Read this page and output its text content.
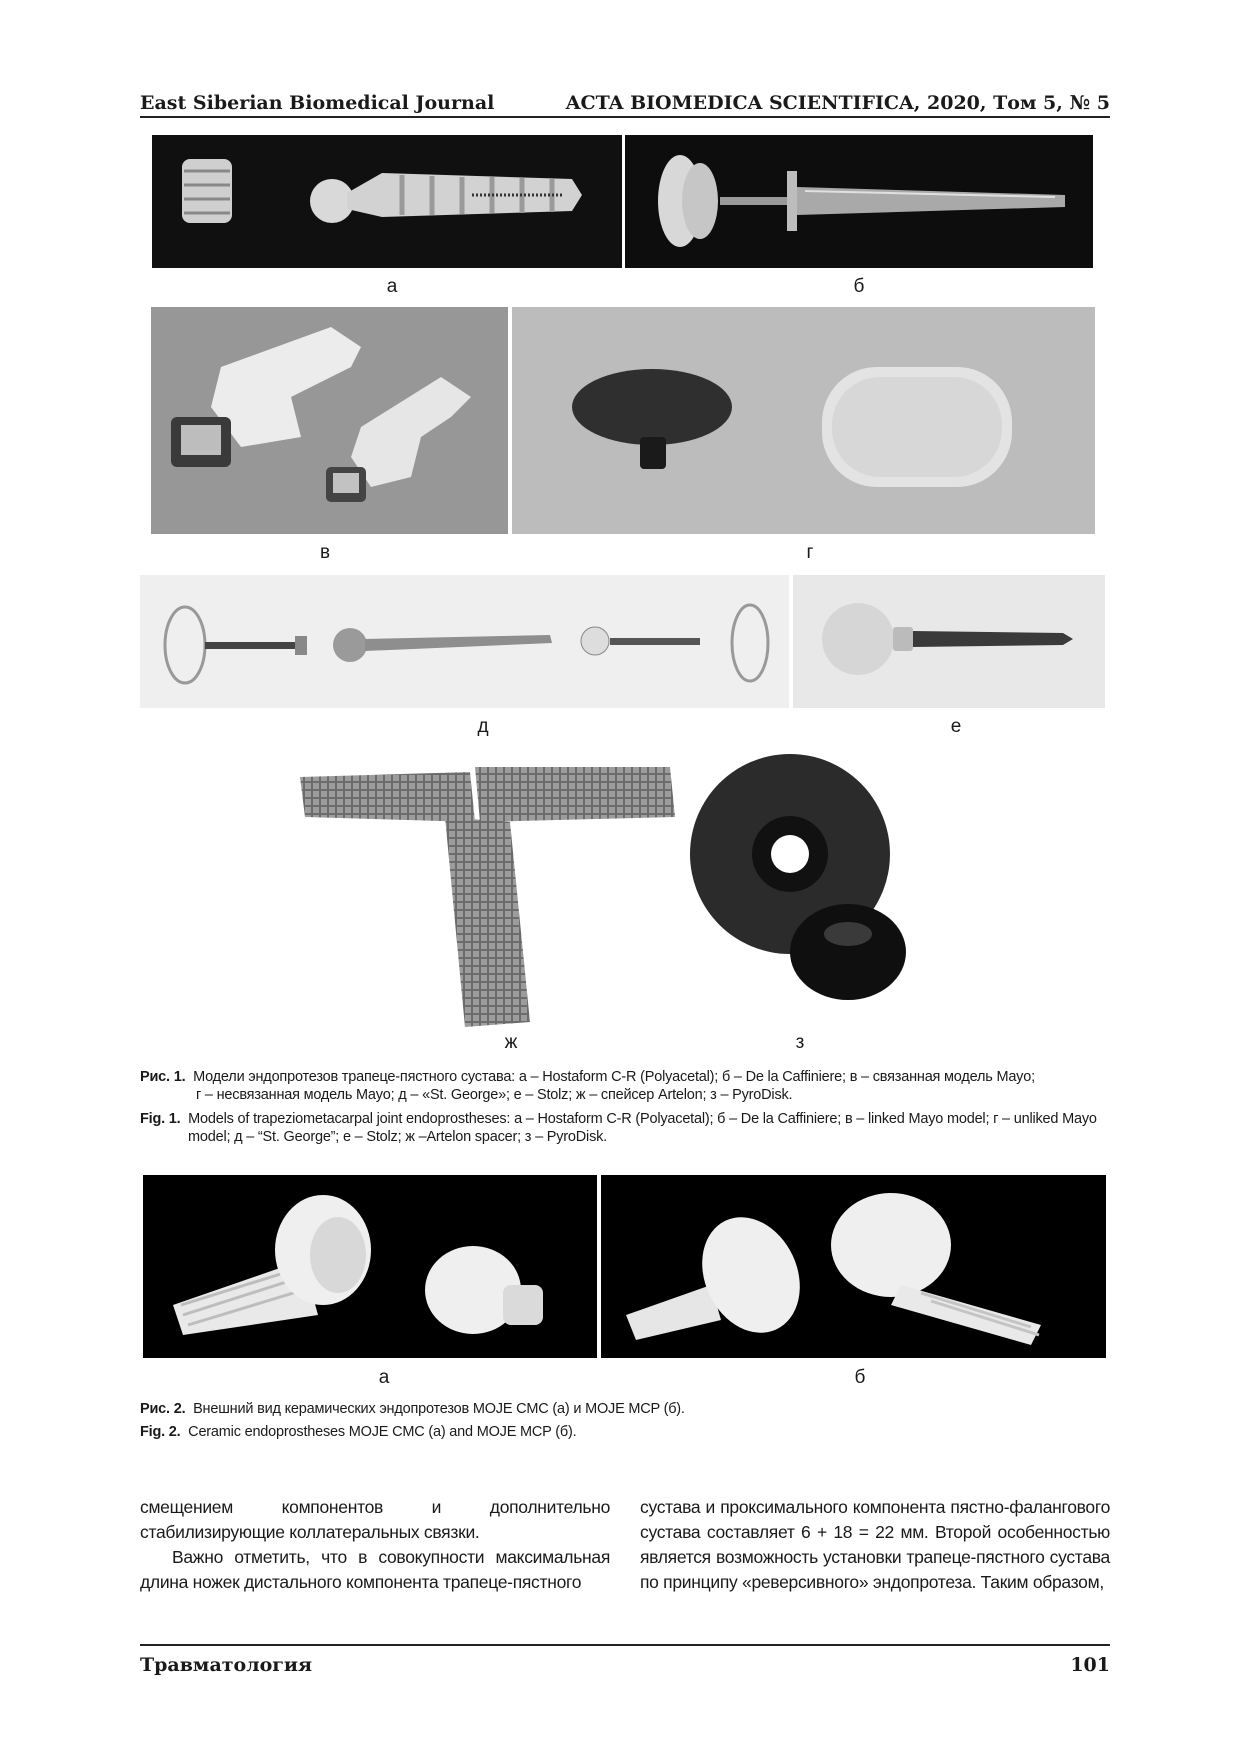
East Siberian Biomedical Journal	ACTA BIOMEDICA SCIENTIFICA, 2020, Том 5, № 5
а	б
в	г
д	е
ж	з
Рис. 1. Модели эндопротезов трапеце-пястного сустава: а – Hostaform C-R (Polyacetal); б – De la Caffiniere; в – связанная модель Mayo;
г – несвязанная модель Mayo; д – «St. George»; е – Stolz; ж – спейсер Artelon; з – PyroDisk.
Fig. 1. Models of trapeziometacarpal joint endoprostheses: а – Hostaform C-R (Polyacetal); б – De la Caffiniere; в – linked Mayo model; г – unliked Mayo
model; д – “St. George”; е – Stolz; ж –Artelon spacer; з – PyroDisk.
а	б
Рис. 2. Внешний вид керамических эндопротезов MOJE CMC (а) и MOJE MCP (б).
Fig. 2. Ceramic endoprostheses MOJE CMC (a) and MOJE MCP (б).

смещением компонентов и дополнительно стабилизирующие коллатеральных связки.

Важно отметить, что в совокупности максимальная длина ножек дистального компонента трапеце-пястного

сустава и проксимального компонента пястно-фалангового сустава составляет 6 + 18 = 22 мм. Второй особенностью является возможность установки трапеце-пястного сустава по принципу «реверсивного» эндопротеза. Таким образом,

Травматология	101
